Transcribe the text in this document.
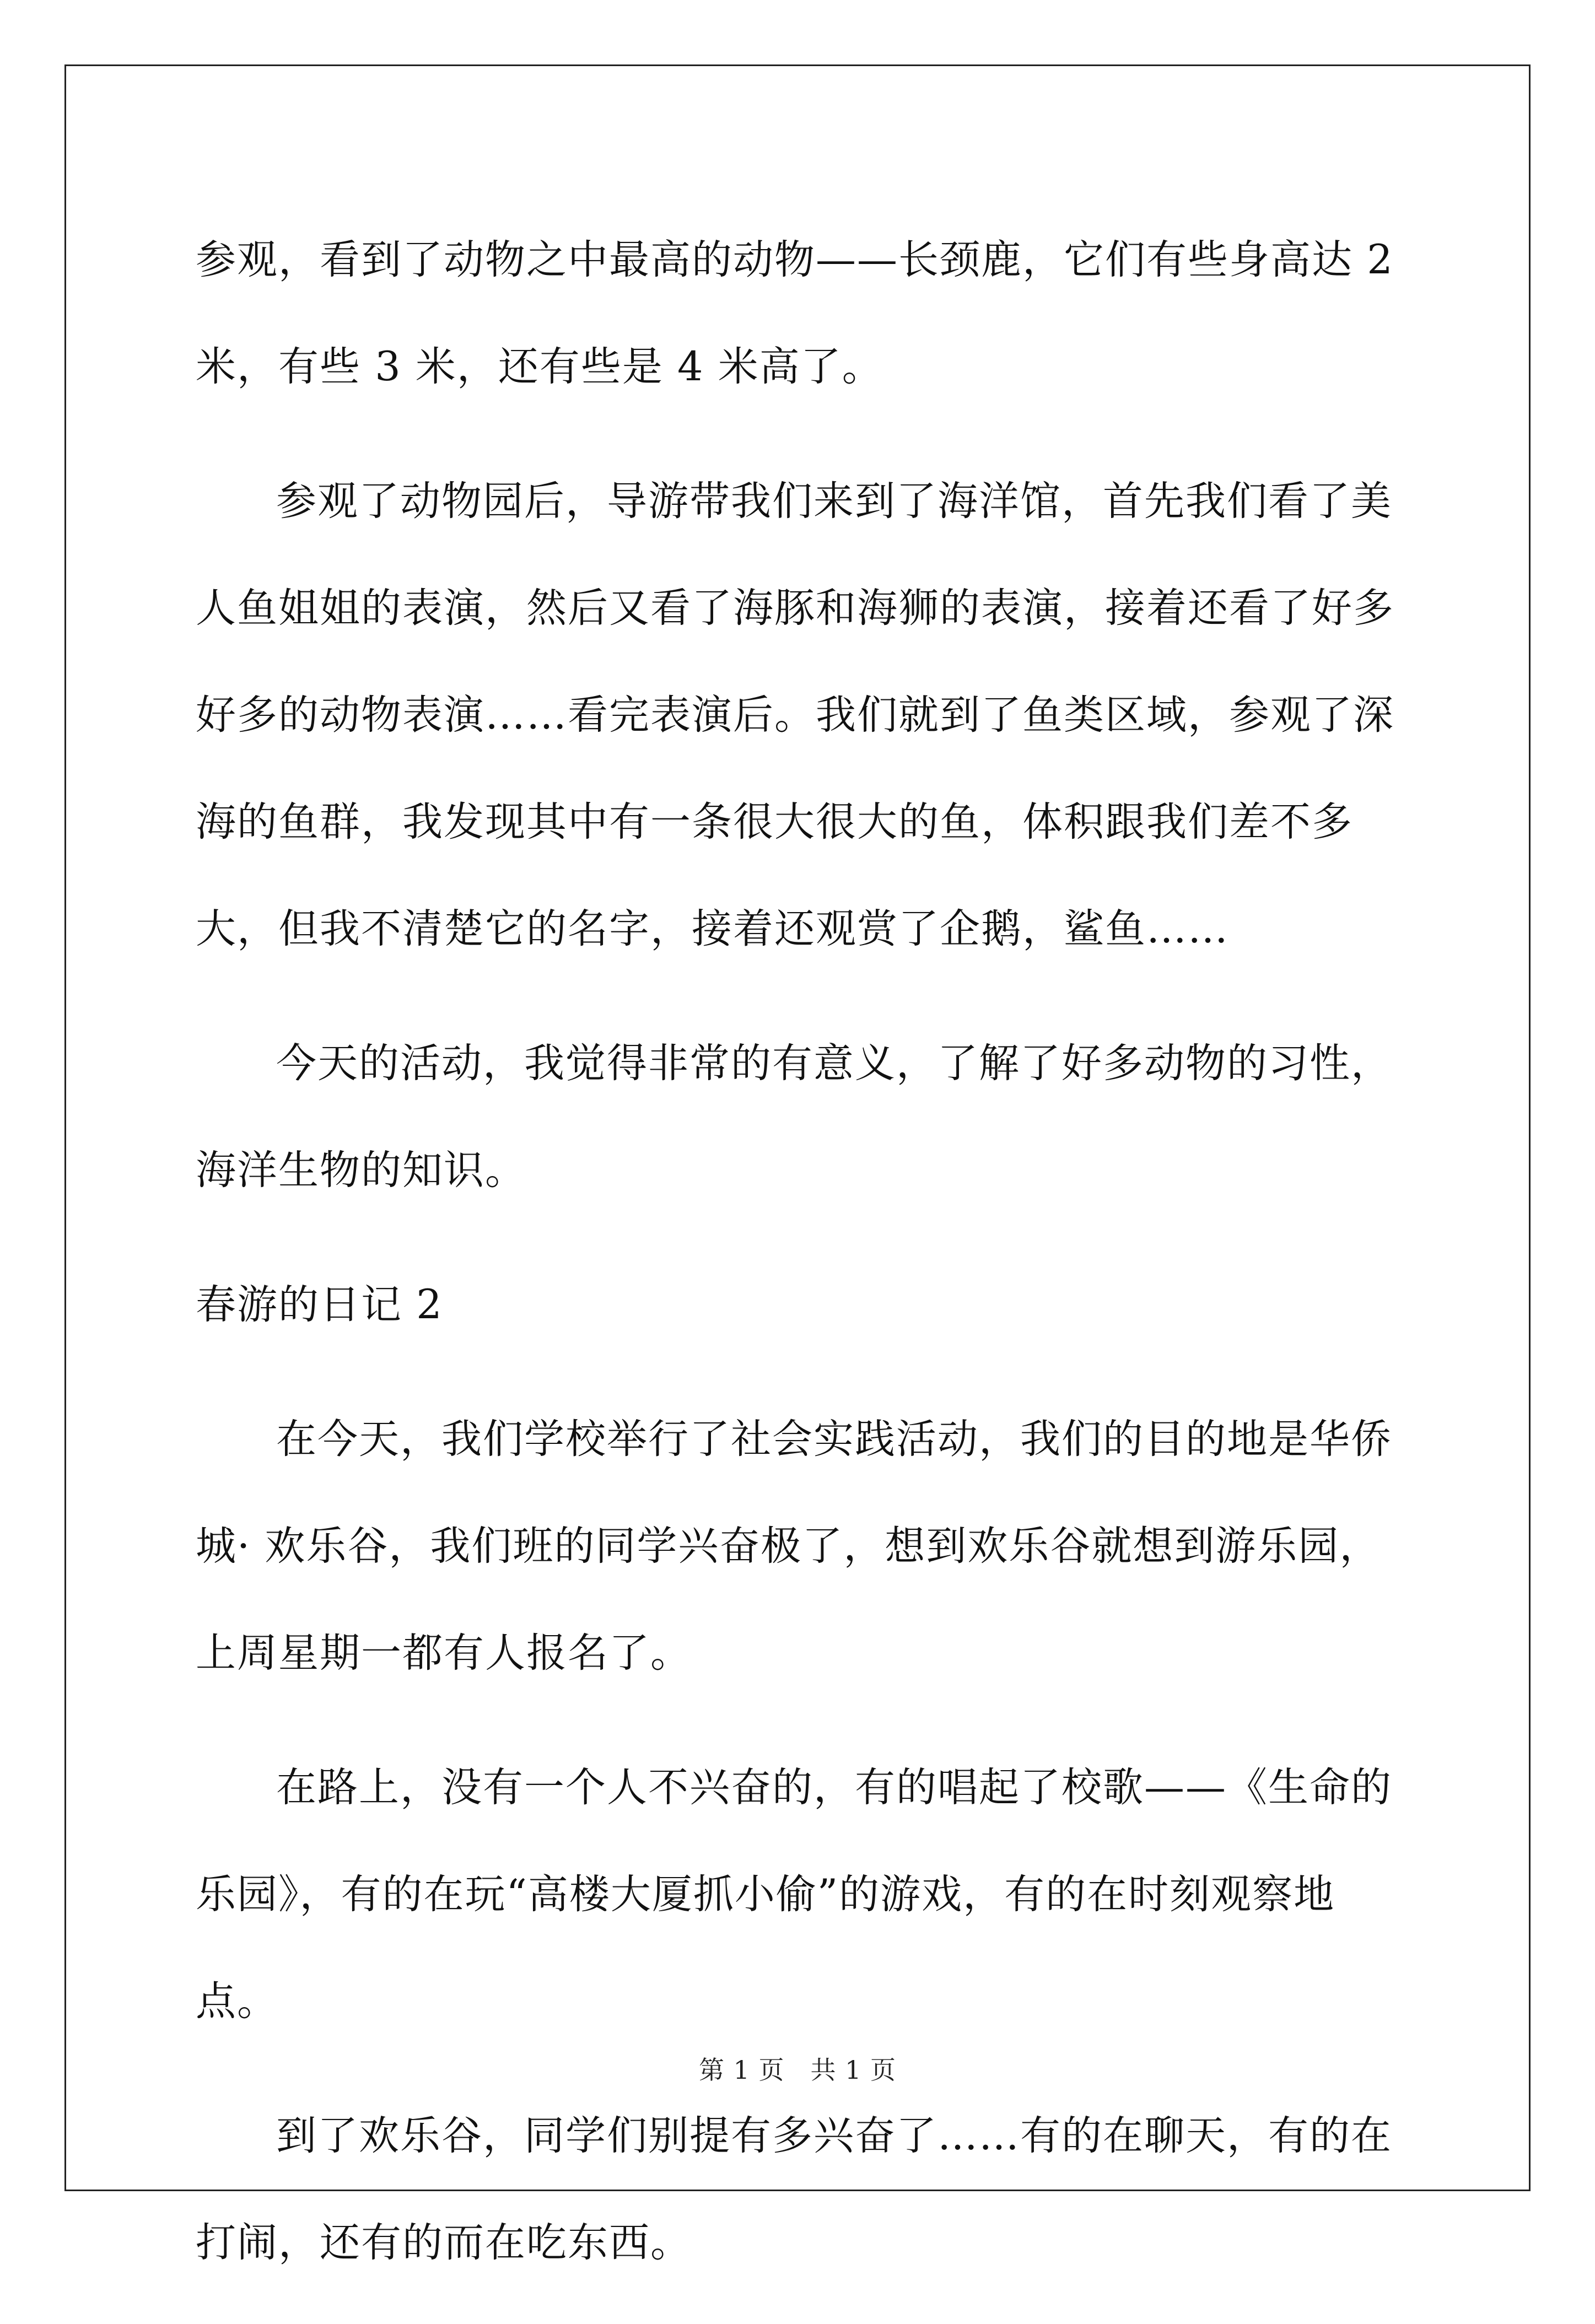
参观，看到了动物之中最高的动物——长颈鹿，它们有些身高达 2 米，有些 3 米，还有些是 4 米高了。

参观了动物园后，导游带我们来到了海洋馆，首先我们看了美人鱼姐姐的表演，然后又看了海豚和海狮的表演，接着还看了好多好多的动物表演……看完表演后。我们就到了鱼类区域，参观了深海的鱼群，我发现其中有一条很大很大的鱼，体积跟我们差不多大，但我不清楚它的名字，接着还观赏了企鹅，鲨鱼……

今天的活动，我觉得非常的有意义，了解了好多动物的习性，海洋生物的知识。

春游的日记 2

在今天，我们学校举行了社会实践活动，我们的目的地是华侨城· 欢乐谷，我们班的同学兴奋极了，想到欢乐谷就想到游乐园，上周星期一都有人报名了。

在路上，没有一个人不兴奋的，有的唱起了校歌——《生命的乐园》，有的在玩“高楼大厦抓小偷”的游戏，有的在时刻观察地点。

到了欢乐谷，同学们别提有多兴奋了……有的在聊天，有的在打闹，还有的而在吃东西。

第 1 页　共 1 页
